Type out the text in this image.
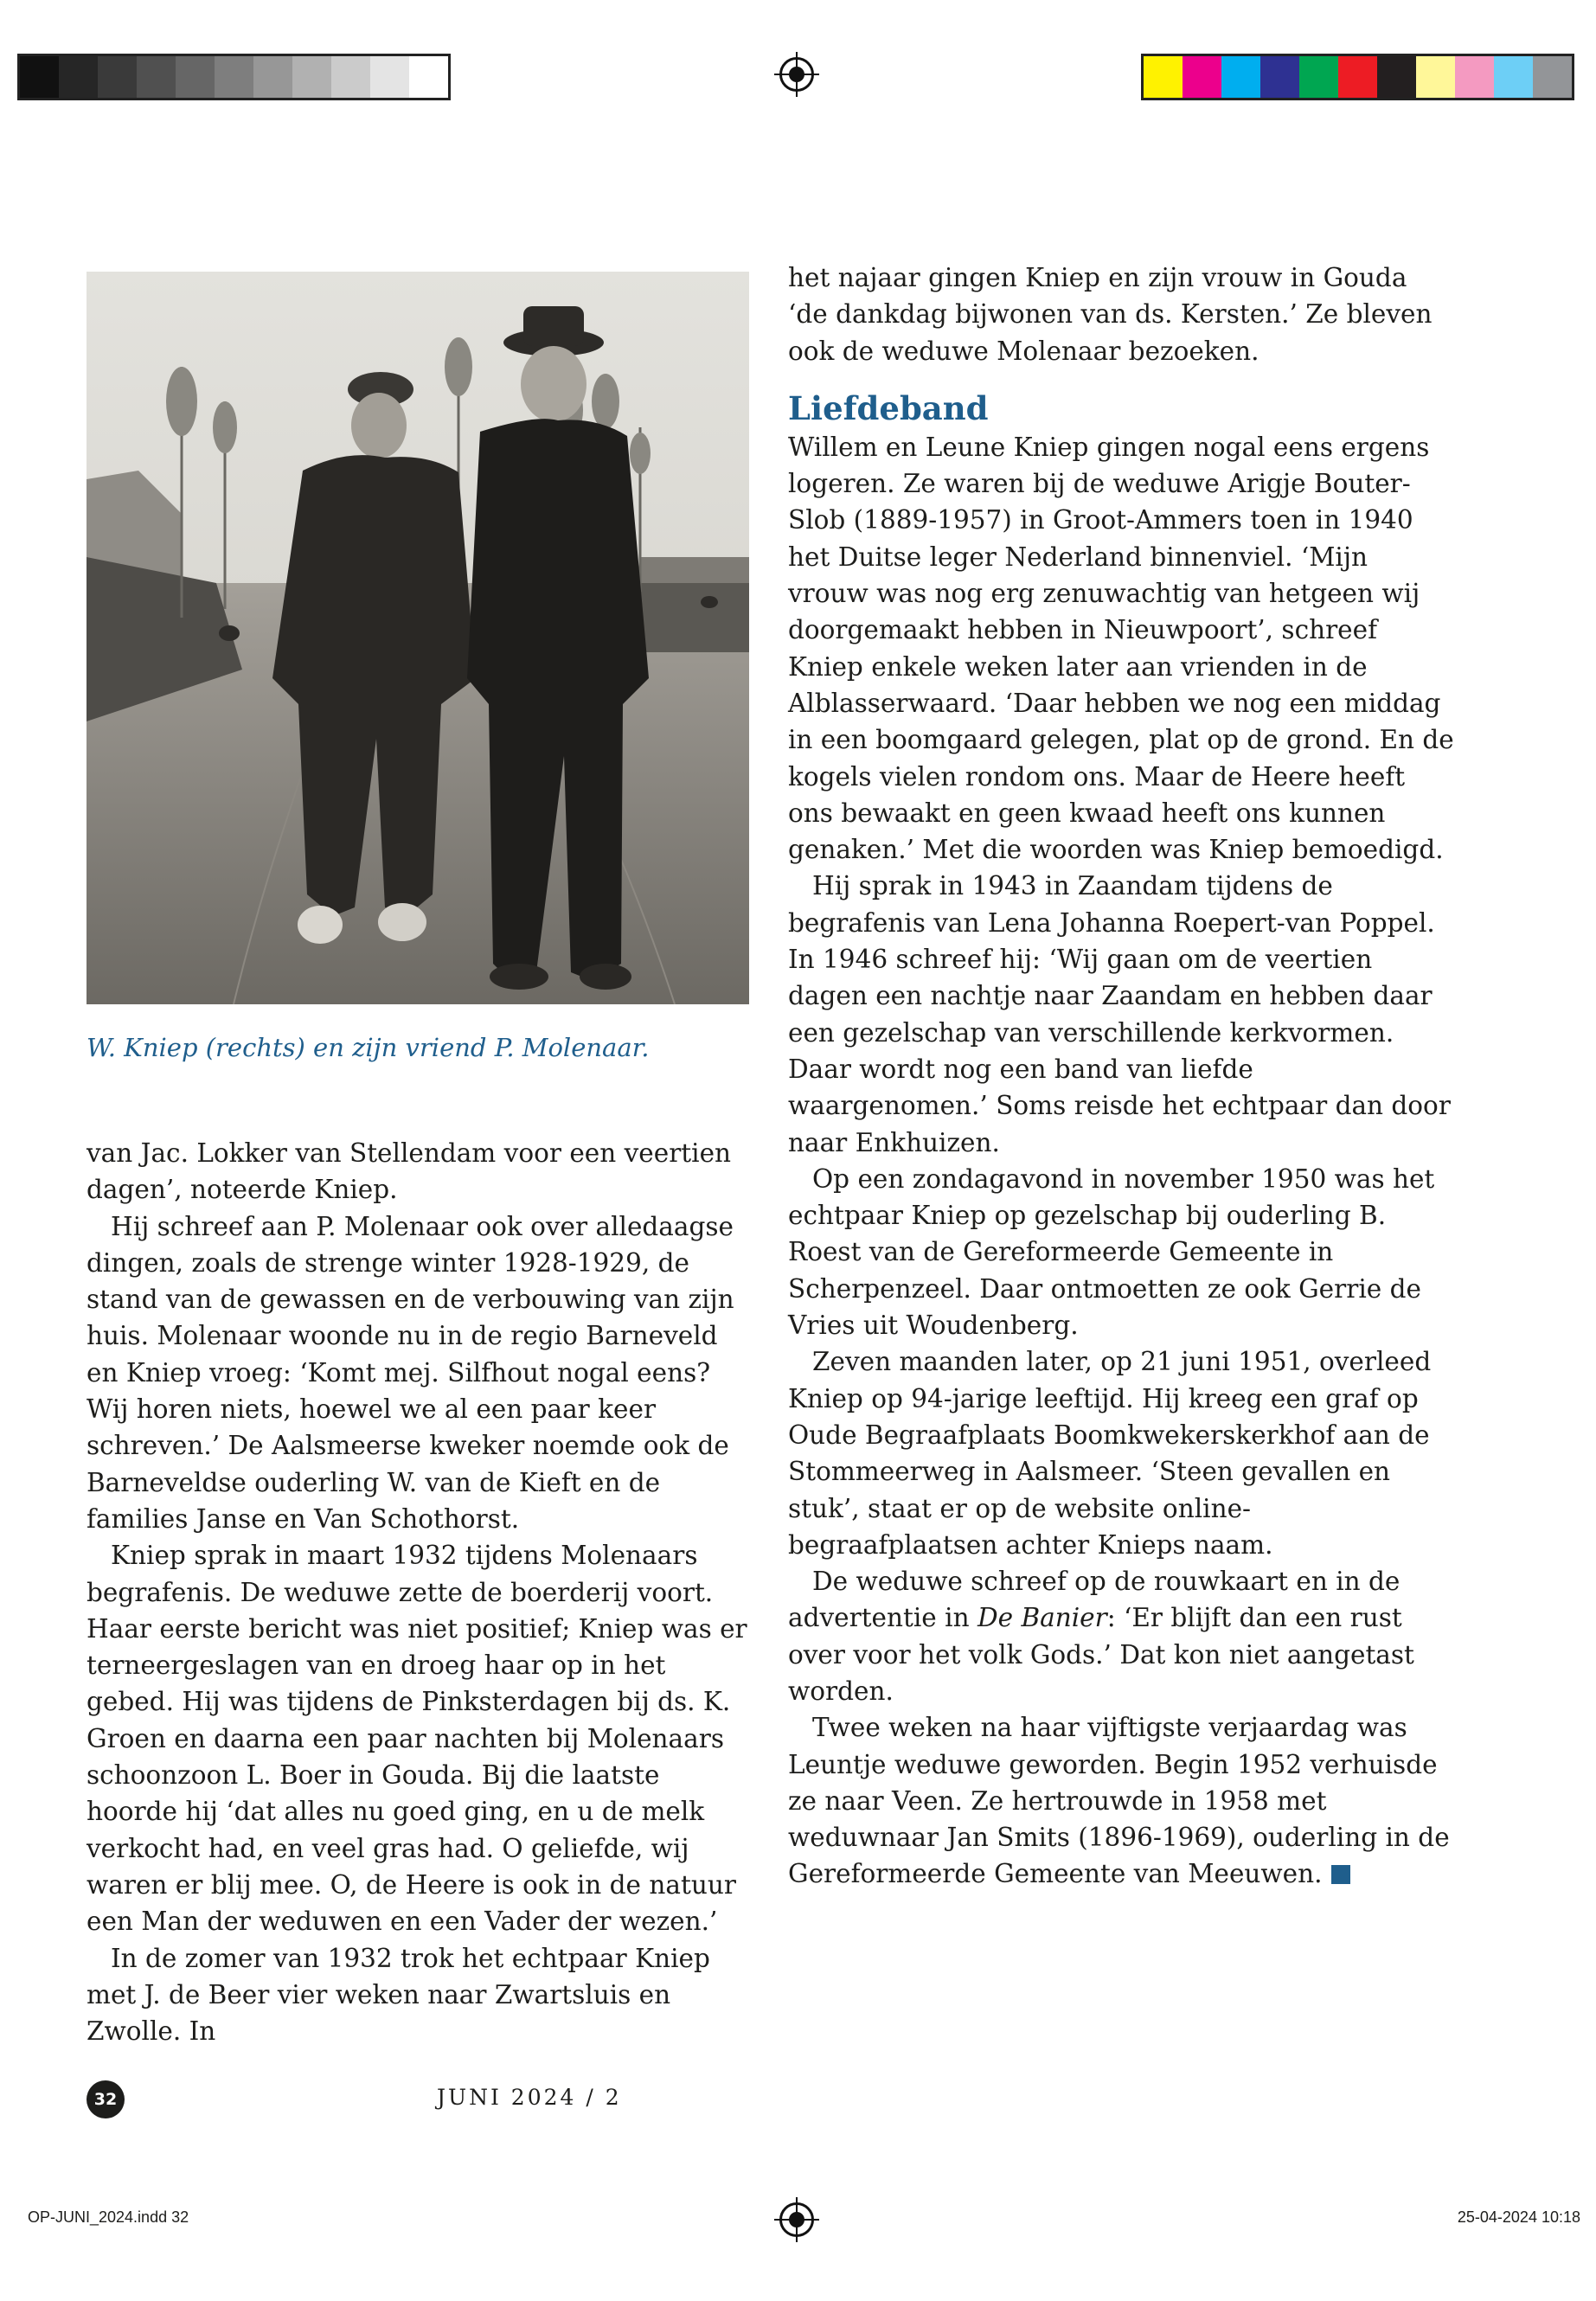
W. Kniep (rechts) en zijn vriend P. Molenaar.

van Jac. Lokker van Stellendam voor een veertien dagen’, noteerde Kniep.

Hij schreef aan P. Molenaar ook over alledaagse dingen, zoals de strenge winter 1928-1929, de stand van de gewassen en de verbouwing van zijn huis. Molenaar woonde nu in de regio Barneveld en Kniep vroeg: ‘Komt mej. Silfhout nogal eens? Wij horen niets, hoewel we al een paar keer schreven.’ De Aalsmeerse kweker noemde ook de Barneveldse ouderling W. van de Kieft en de families Janse en Van Schothorst.

Kniep sprak in maart 1932 tijdens Molenaars begrafenis. De weduwe zette de boerderij voort. Haar eerste bericht was niet positief; Kniep was er terneergeslagen van en droeg haar op in het gebed. Hij was tijdens de Pinksterdagen bij ds. K. Groen en daarna een paar nachten bij Molenaars schoonzoon L. Boer in Gouda. Bij die laatste hoorde hij ‘dat alles nu goed ging, en u de melk verkocht had, en veel gras had. O geliefde, wij waren er blij mee. O, de Heere is ook in de natuur een Man der weduwen en een Vader der wezen.’

In de zomer van 1932 trok het echtpaar Kniep met J. de Beer vier weken naar Zwartsluis en Zwolle. In

het najaar gingen Kniep en zijn vrouw in Gouda ‘de dankdag bijwonen van ds. Kersten.’ Ze bleven ook de weduwe Molenaar bezoeken.

Liefdeband

Willem en Leune Kniep gingen nogal eens ergens logeren. Ze waren bij de weduwe Arigje Bouter-Slob (1889-1957) in Groot-Ammers toen in 1940 het Duitse leger Nederland binnenviel. ‘Mijn vrouw was nog erg zenuwachtig van hetgeen wij doorgemaakt hebben in Nieuwpoort’, schreef Kniep enkele weken later aan vrienden in de Alblasserwaard. ‘Daar hebben we nog een middag in een boomgaard gelegen, plat op de grond. En de kogels vielen rondom ons. Maar de Heere heeft ons bewaakt en geen kwaad heeft ons kunnen genaken.’ Met die woorden was Kniep bemoedigd.

Hij sprak in 1943 in Zaandam tijdens de begrafenis van Lena Johanna Roepert-van Poppel. In 1946 schreef hij: ‘Wij gaan om de veertien dagen een nachtje naar Zaandam en hebben daar een gezelschap van verschillende kerkvormen. Daar wordt nog een band van liefde waargenomen.’ Soms reisde het echtpaar dan door naar Enkhuizen.

Op een zondagavond in november 1950 was het echtpaar Kniep op gezelschap bij ouderling B. Roest van de Gereformeerde Gemeente in Scherpenzeel. Daar ontmoetten ze ook Gerrie de Vries uit Woudenberg.

Zeven maanden later, op 21 juni 1951, overleed Kniep op 94-jarige leeftijd. Hij kreeg een graf op Oude Begraafplaats Boomkwekerskerkhof aan de Stommeerweg in Aalsmeer. ‘Steen gevallen en stuk’, staat er op de website online-begraafplaatsen achter Knieps naam.

De weduwe schreef op de rouwkaart en in de advertentie in De Banier: ‘Er blijft dan een rust over voor het volk Gods.’ Dat kon niet aangetast worden.

Twee weken na haar vijftigste verjaardag was Leuntje weduwe geworden. Begin 1952 verhuisde ze naar Veen. Ze hertrouwde in 1958 met weduwnaar Jan Smits (1896-1969), ouderling in de Gereformeerde Gemeente van Meeuwen.

32	JUNI 2024 / 2
OP-JUNI_2024.indd 32	25-04-2024 10:18
